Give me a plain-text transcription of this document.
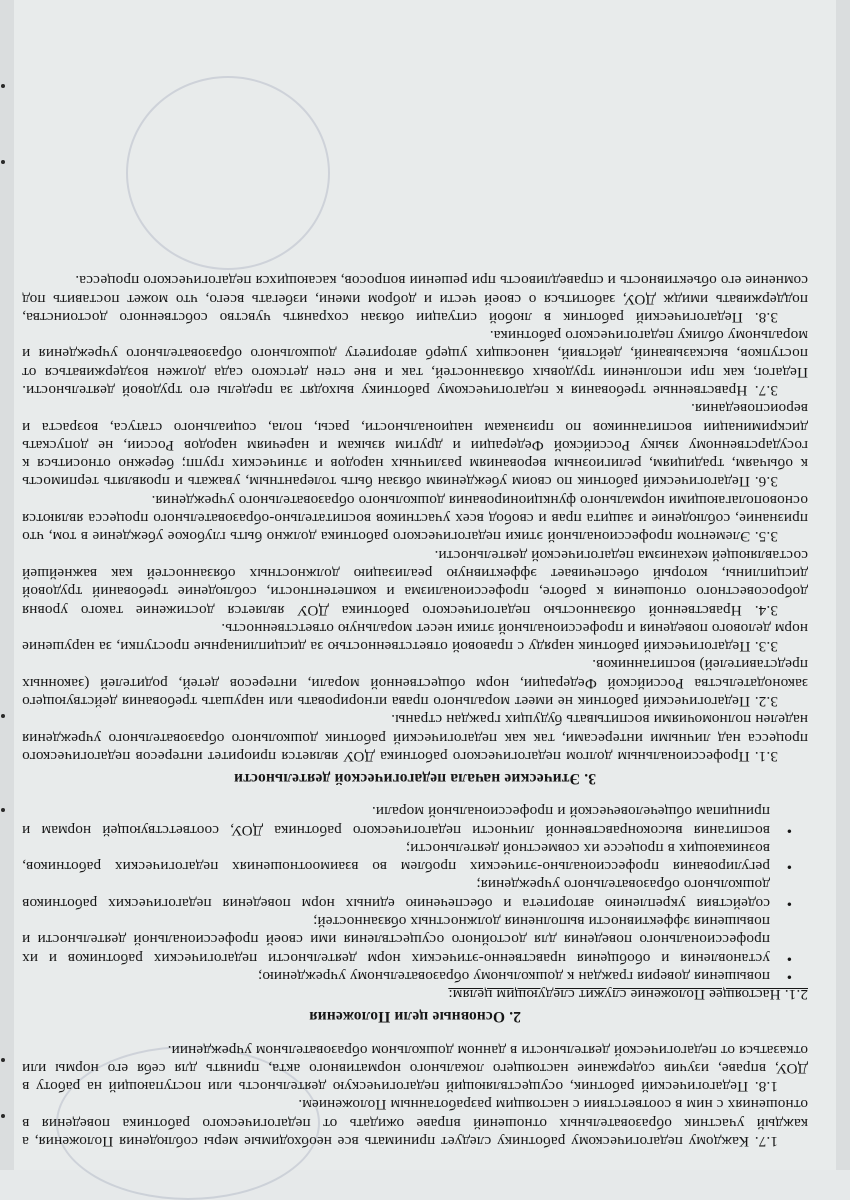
1.7. Каждому педагогическому работнику следует принимать все необходимые меры соблюдения Положения, а каждый участник образовательных отношений вправе ожидать от педагогического работника поведения в отношениях с ним в соответствии с настоящим разработанным Положением.

1.8. Педагогический работник, осуществляющий педагогическую деятельность или поступающий на работу в ДОУ, вправе, изучив содержание настоящего локального нормативного акта, принять для себя его нормы или отказаться от педагогической деятельности в данном дошкольном образовательном учреждении.

2. Основные цели Положения

2.1. Настоящее Положение служит следующим целям:

• повышения доверия граждан к дошкольному образовательному учреждению;
• установления и обобщения нравственно-этических норм деятельности педагогических работников и их профессионального поведения для достойного осуществления ими своей профессиональной деятельности и повышения эффективности выполнения должностных обязанностей;
• содействия укреплению авторитета и обеспечению единых норм поведения педагогических работников дошкольного образовательного учреждения;
• регулирования профессионально-этических проблем во взаимоотношениях педагогических работников, возникающих в процессе их совместной деятельности;
• воспитания высоконравственной личности педагогического работника ДОУ, соответствующей нормам и принципам общечеловеческой и профессиональной морали.
3. Этические начала педагогической деятельности

3.1. Профессиональным долгом педагогического работника ДОУ является приоритет интересов педагогического процесса над личными интересами, так как педагогический работник дошкольного образовательного учреждения наделен полномочиями воспитывать будущих граждан страны.

3.2. Педагогический работник не имеет морального права игнорировать или нарушать требования действующего законодательства Российской Федерации, норм общественной морали, интересов детей, родителей (законных представителей) воспитанников.

3.3. Педагогический работник наряду с правовой ответственностью за дисциплинарные проступки, за нарушение норм делового поведения и профессиональной этики несет моральную ответственность.

3.4. Нравственной обязанностью педагогического работника ДОУ является достижение такого уровня добросовестного отношения к работе, профессионализма и компетентности, соблюдение требований трудовой дисциплины, который обеспечивает эффективную реализацию должностных обязанностей как важнейшей составляющей механизма педагогической деятельности.

3.5. Элементом профессиональной этики педагогического работника должно быть глубокое убеждение в том, что признание, соблюдение и защита прав и свобод всех участников воспитательно-образовательного процесса являются основополагающими нормального функционирования дошкольного образовательного учреждения.

3.6. Педагогический работник по своим убеждениям обязан быть толерантным, уважать и проявлять терпимость к обычаям, традициям, религиозным верованиям различных народов и этнических групп; бережно относиться к государственному языку Российской Федерации и другим языкам и наречиям народов России, не допускать дискриминации воспитанников по признакам национальности, расы, пола, социального статуса, возраста и вероисповедания.

3.7. Нравственные требования к педагогическому работнику выходят за пределы его трудовой деятельности. Педагог, как при исполнении трудовых обязанностей, так и вне стен детского сада должен воздерживаться от поступков, высказываний, действий, наносящих ущерб авторитету дошкольного образовательного учреждения и моральному облику педагогического работника.

3.8. Педагогический работник в любой ситуации обязан сохранять чувство собственного достоинства, поддерживать имидж ДОУ, заботиться о своей чести и добром имени, избегать всего, что может поставить под сомнение его объективность и справедливость при решении вопросов, касающихся педагогического процесса.
